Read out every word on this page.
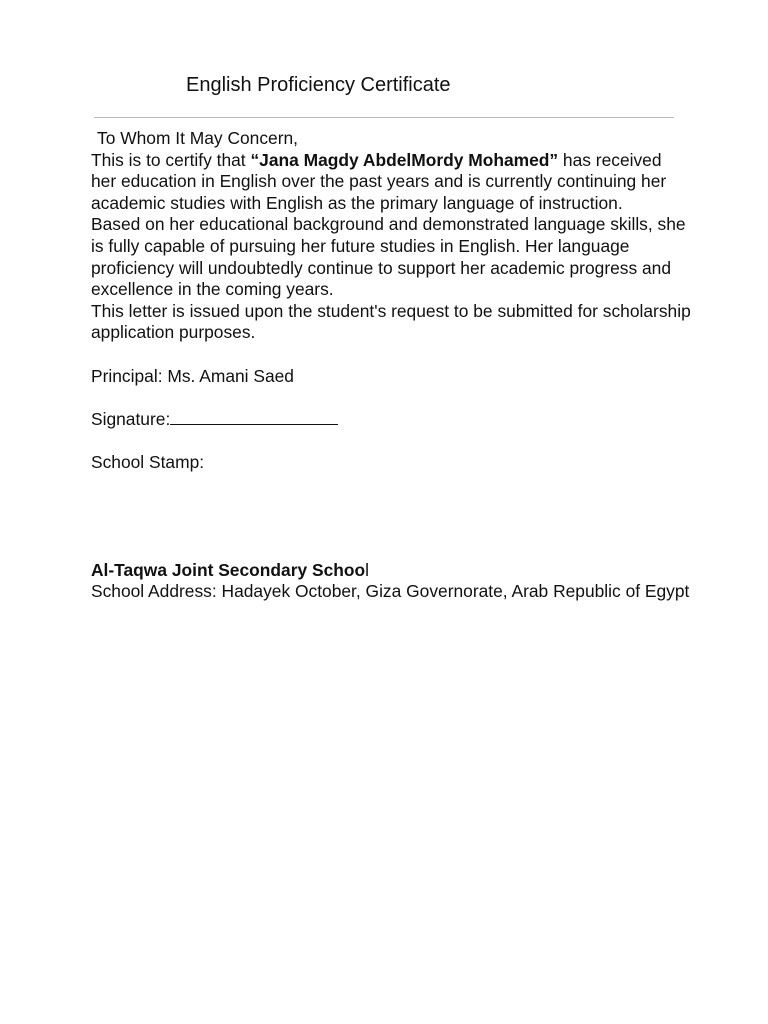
English Proficiency Certificate

To Whom It May Concern,

This is to certify that “Jana Magdy AbdelMordy Mohamed” has received her education in English over the past years and is currently continuing her academic studies with English as the primary language of instruction.

Based on her educational background and demonstrated language skills, she is fully capable of pursuing her future studies in English. Her language proficiency will undoubtedly continue to support her academic progress and excellence in the coming years.

This letter is issued upon the student's request to be submitted for scholarship application purposes.

Principal: Ms. Amani Saed

Signature:

School Stamp:

Al-Taqwa Joint Secondary School

School Address: Hadayek October, Giza Governorate, Arab Republic of Egypt
